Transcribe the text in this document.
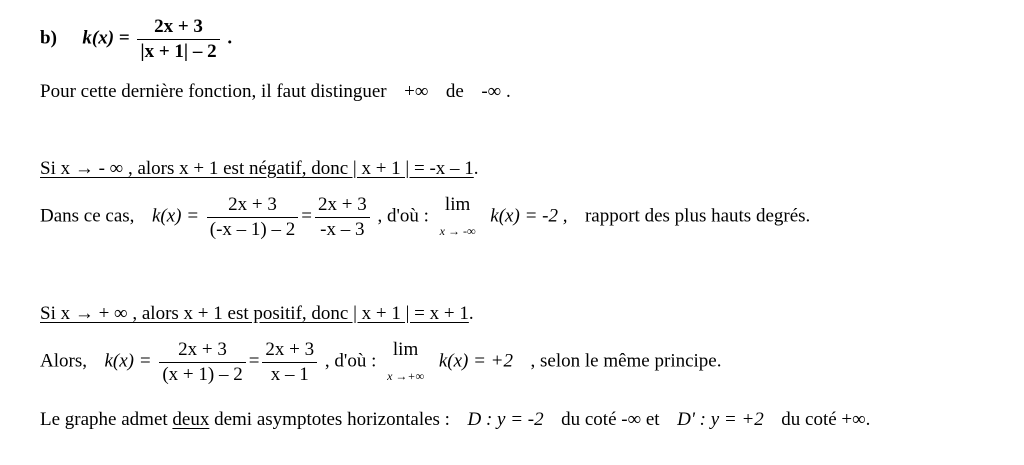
b) $k(x) = \frac{2x + 3}{|x + 1| - 2}$ .
Pour cette dernière fonction, il faut distinguer +∞ de -∞ .
Si x → - ∞ , alors x + 1 est négatif, donc | x + 1 | = -x – 1.
Dans ce cas, $k(x) = \frac{2x + 3}{(-x - 1) - 2} = \frac{2x + 3}{-x - 3}$ , d'où :
lim
x → -∞
k(x) = -2 , rapport des plus hauts degrés.
Si x → + ∞ , alors x + 1 est positif, donc | x + 1 | = x + 1.
Alors, $k(x) = \frac{2x + 3}{(x + 1) - 2} = \frac{2x + 3}{x - 1}$ , d'où :
lim
x →+∞
k(x) = +2 , selon le même principe.
Le graphe admet deux demi asymptotes horizontales : D : y = -2 du coté -∞ et D' : y = +2 du coté +∞.
